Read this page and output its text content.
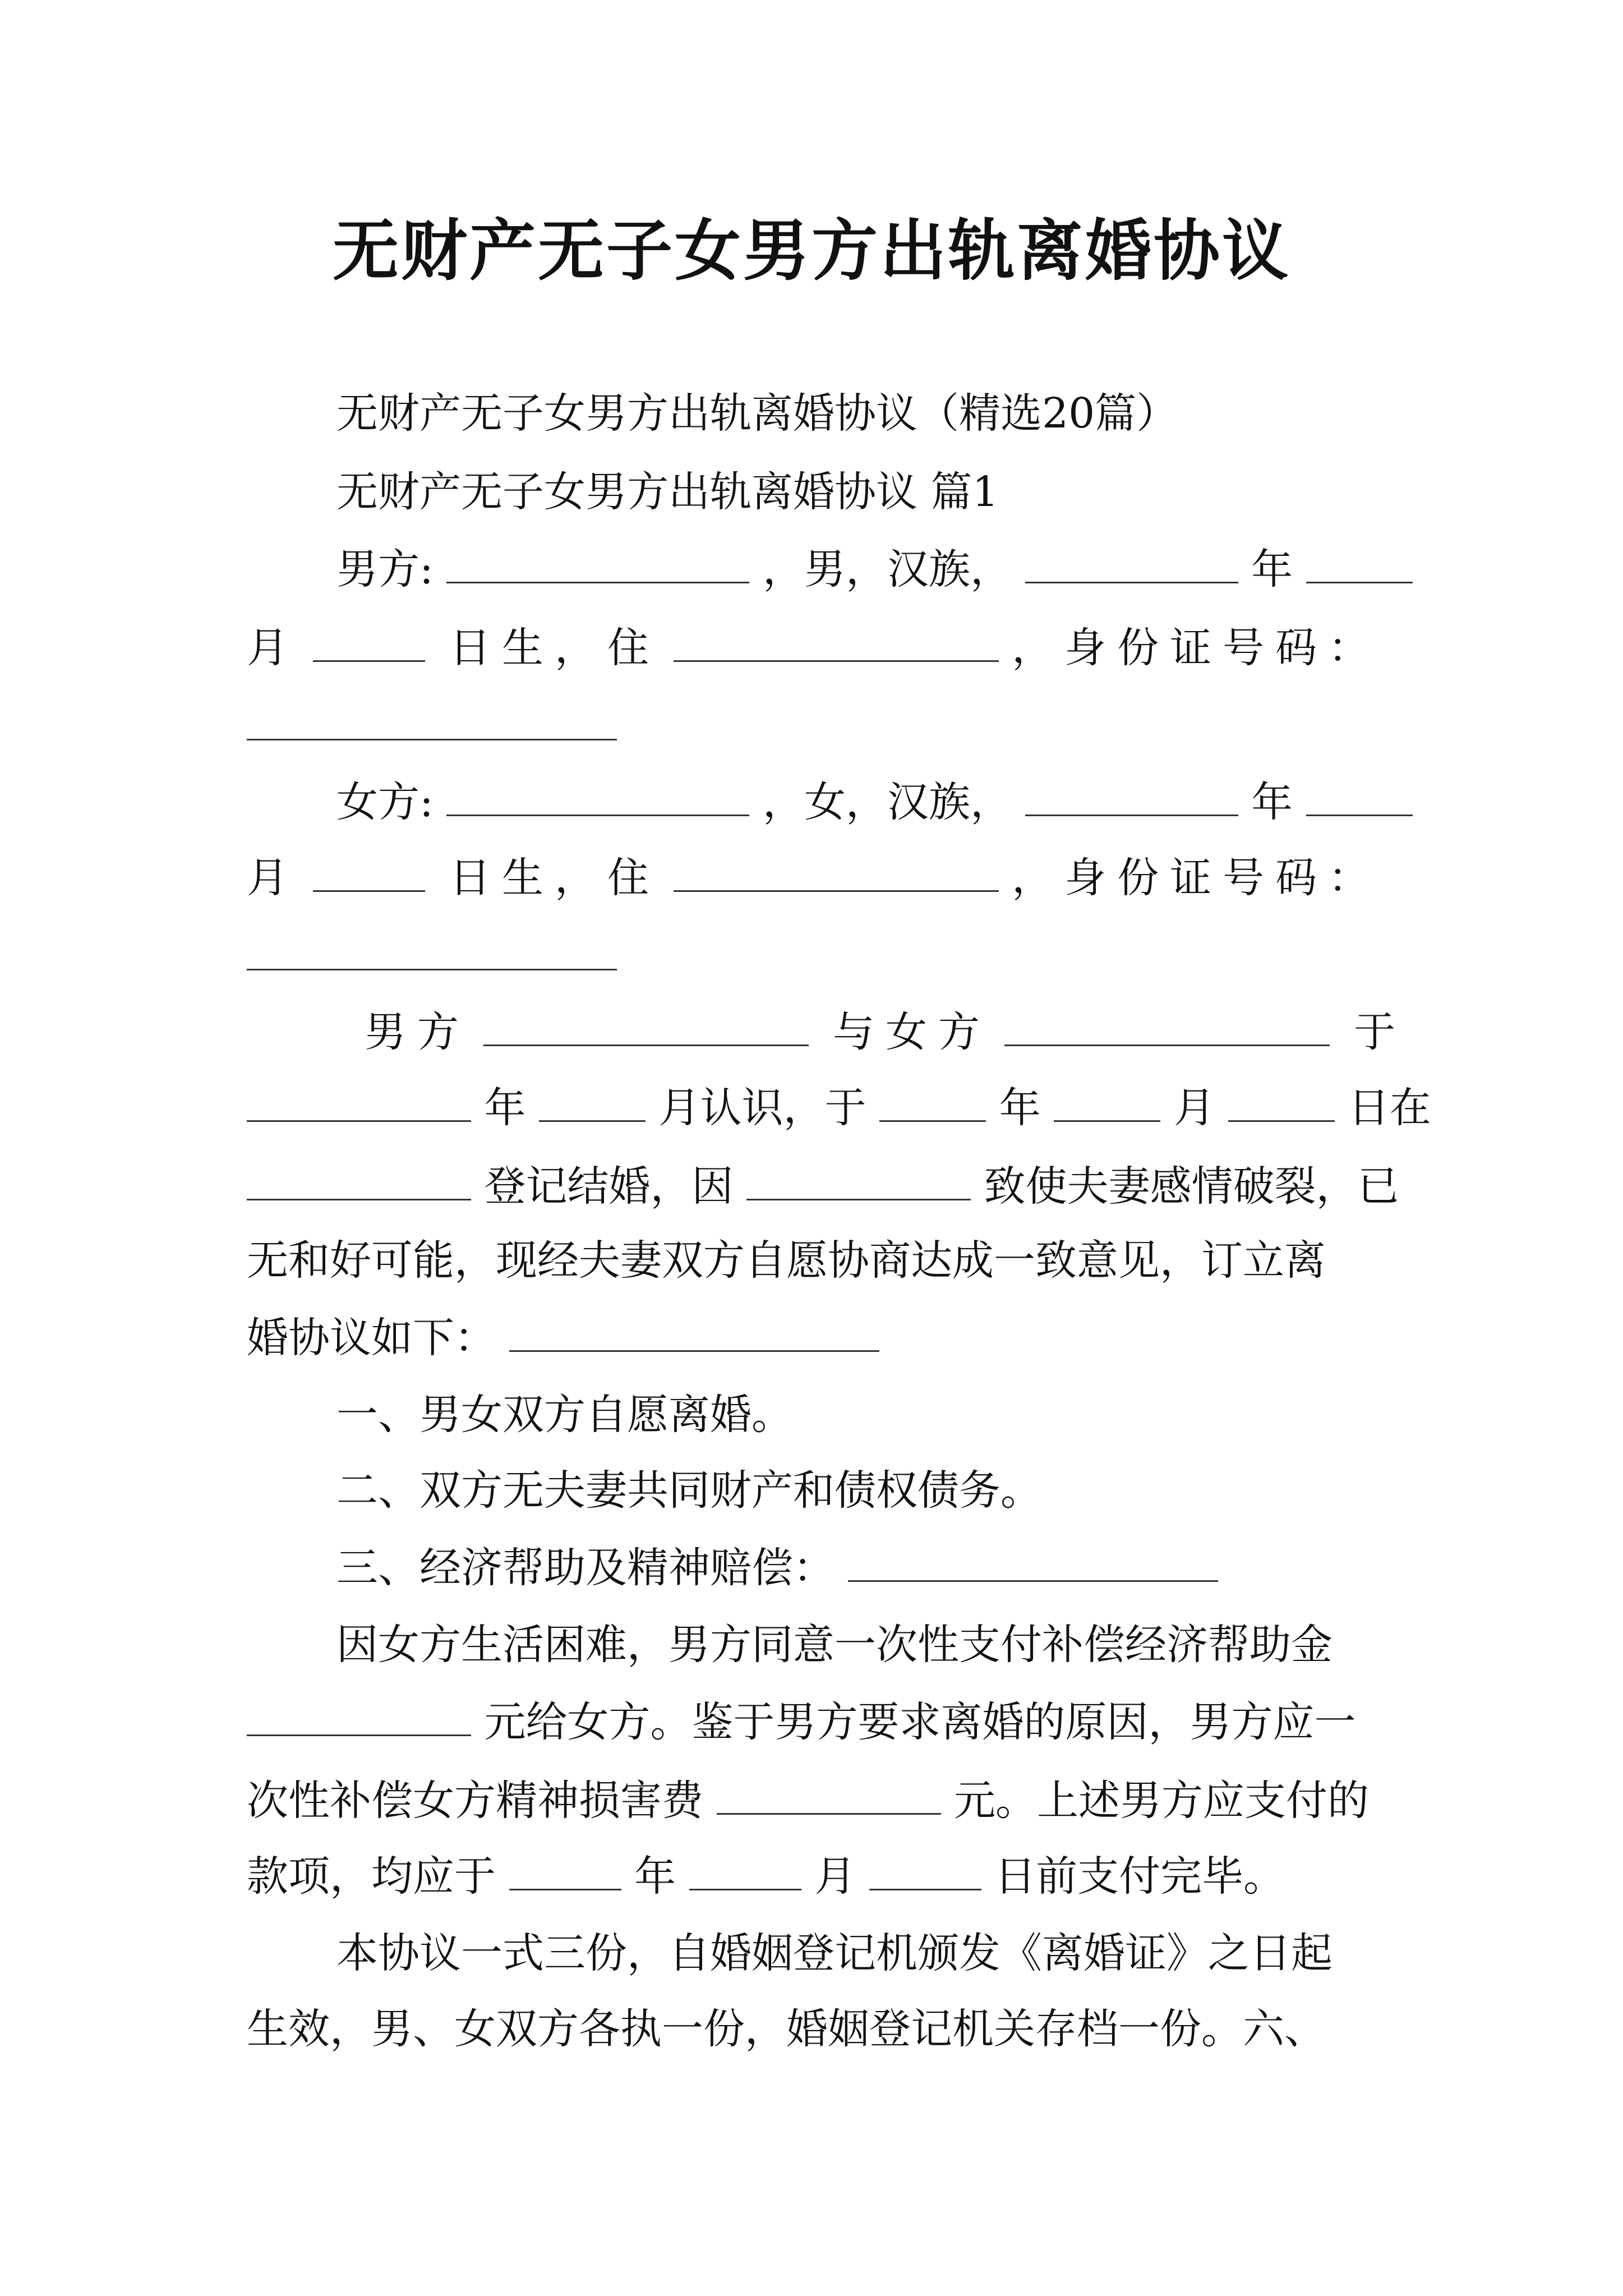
无财产无子女男方出轨离婚协议
无财产无子女男方出轨离婚协议（精选20篇）
无财产无子女男方出轨离婚协议 篇1
男方:	，男，汉族，	年
月	日生，住	，身份证号码：
女方:	，女，汉族，	年
月	日生，住	，身份证号码：
男方	与女方	于
年	月认识，于	年	月	日在
登记结婚，因	致使夫妻感情破裂，已
无和好可能，现经夫妻双方自愿协商达成一致意见，订立离
婚协议如下：
一、男女双方自愿离婚。
二、双方无夫妻共同财产和债权债务。
三、经济帮助及精神赔偿：
因女方生活困难，男方同意一次性支付补偿经济帮助金
元给女方。鉴于男方要求离婚的原因，男方应一
次性补偿女方精神损害费	元。上述男方应支付的
款项，均应于	年	月	日前支付完毕。
本协议一式三份，自婚姻登记机颁发《离婚证》之日起
生效，男、女双方各执一份，婚姻登记机关存档一份。六、
